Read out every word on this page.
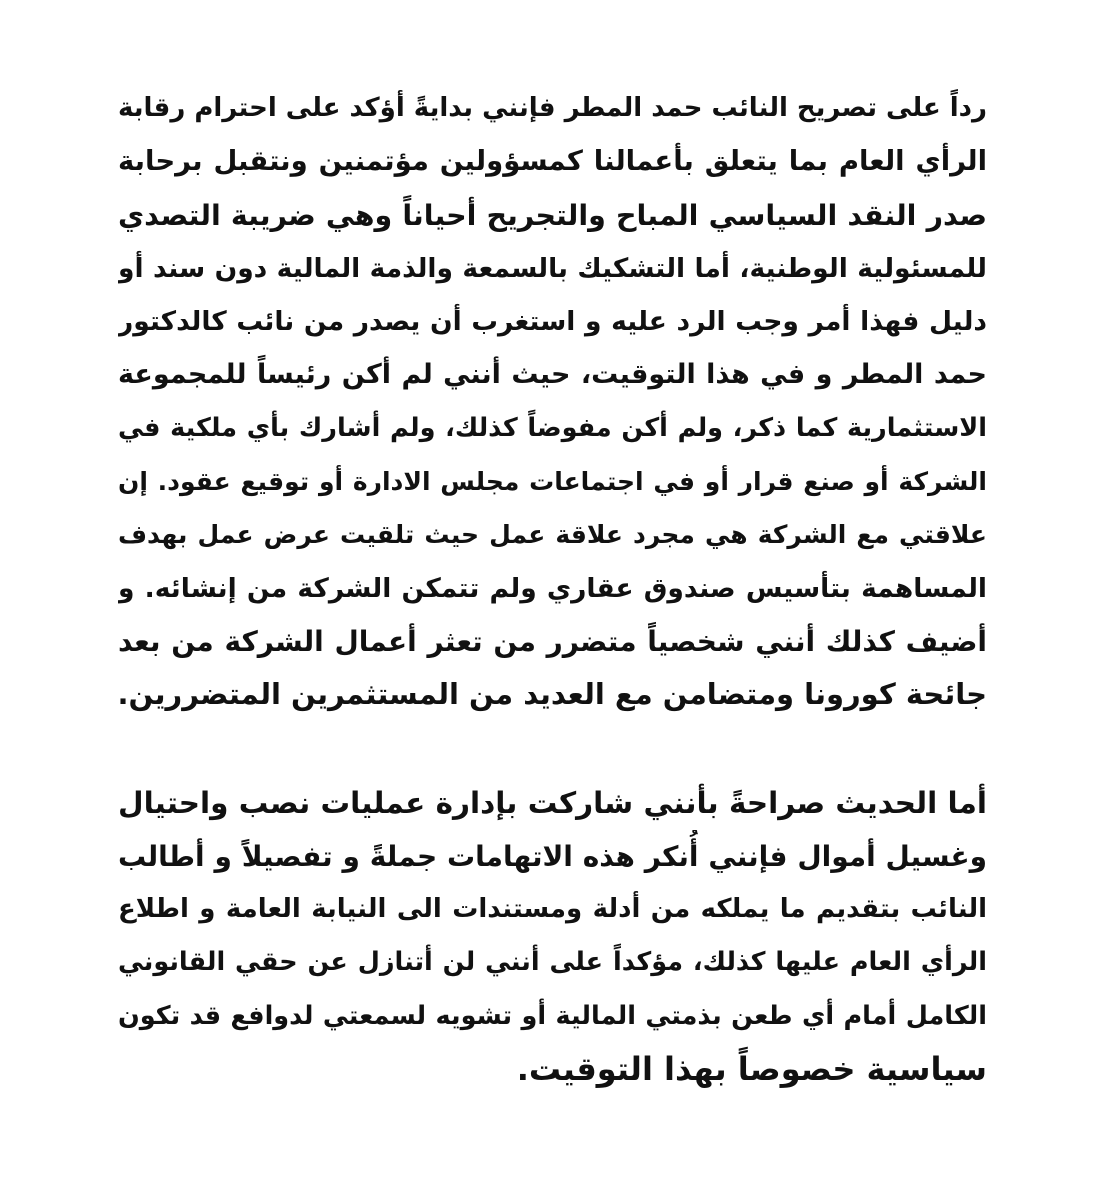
رداً على تصريح النائب حمد المطر فإنني بدايةً أؤكد على احترام رقابة
الرأي العام بما يتعلق بأعمالنا كمسؤولين مؤتمنين ونتقبل برحابة
صدر النقد السياسي المباح والتجريح أحياناً وهي ضريبة التصدي
للمسئولية الوطنية، أما التشكيك بالسمعة والذمة المالية دون سند أو
دليل فهذا أمر وجب الرد عليه و استغرب أن يصدر من نائب كالدكتور
حمد المطر و في هذا التوقيت، حيث أنني لم أكن رئيساً للمجموعة
الاستثمارية كما ذكر، ولم أكن مفوضاً كذلك، ولم أشارك بأي ملكية في
الشركة أو صنع قرار أو في اجتماعات مجلس الادارة أو توقيع عقود. إن
علاقتي مع الشركة هي مجرد علاقة عمل حيث تلقيت عرض عمل بهدف
المساهمة بتأسيس صندوق عقاري ولم تتمكن الشركة من إنشائه. و
أضيف كذلك أنني شخصياً متضرر من تعثر أعمال الشركة من بعد
جائحة كورونا ومتضامن مع العديد من المستثمرين المتضررين.
أما الحديث صراحةً بأنني شاركت بإدارة عمليات نصب واحتيال
وغسيل أموال فإنني أُنكر هذه الاتهامات جملةً و تفصيلاً و أطالب
النائب بتقديم ما يملكه من أدلة ومستندات الى النيابة العامة و اطلاع
الرأي العام عليها كذلك، مؤكداً على أنني لن أتنازل عن حقي القانوني
الكامل أمام أي طعن بذمتي المالية أو تشويه لسمعتي لدوافع قد تكون
سياسية خصوصاً بهذا التوقيت.
